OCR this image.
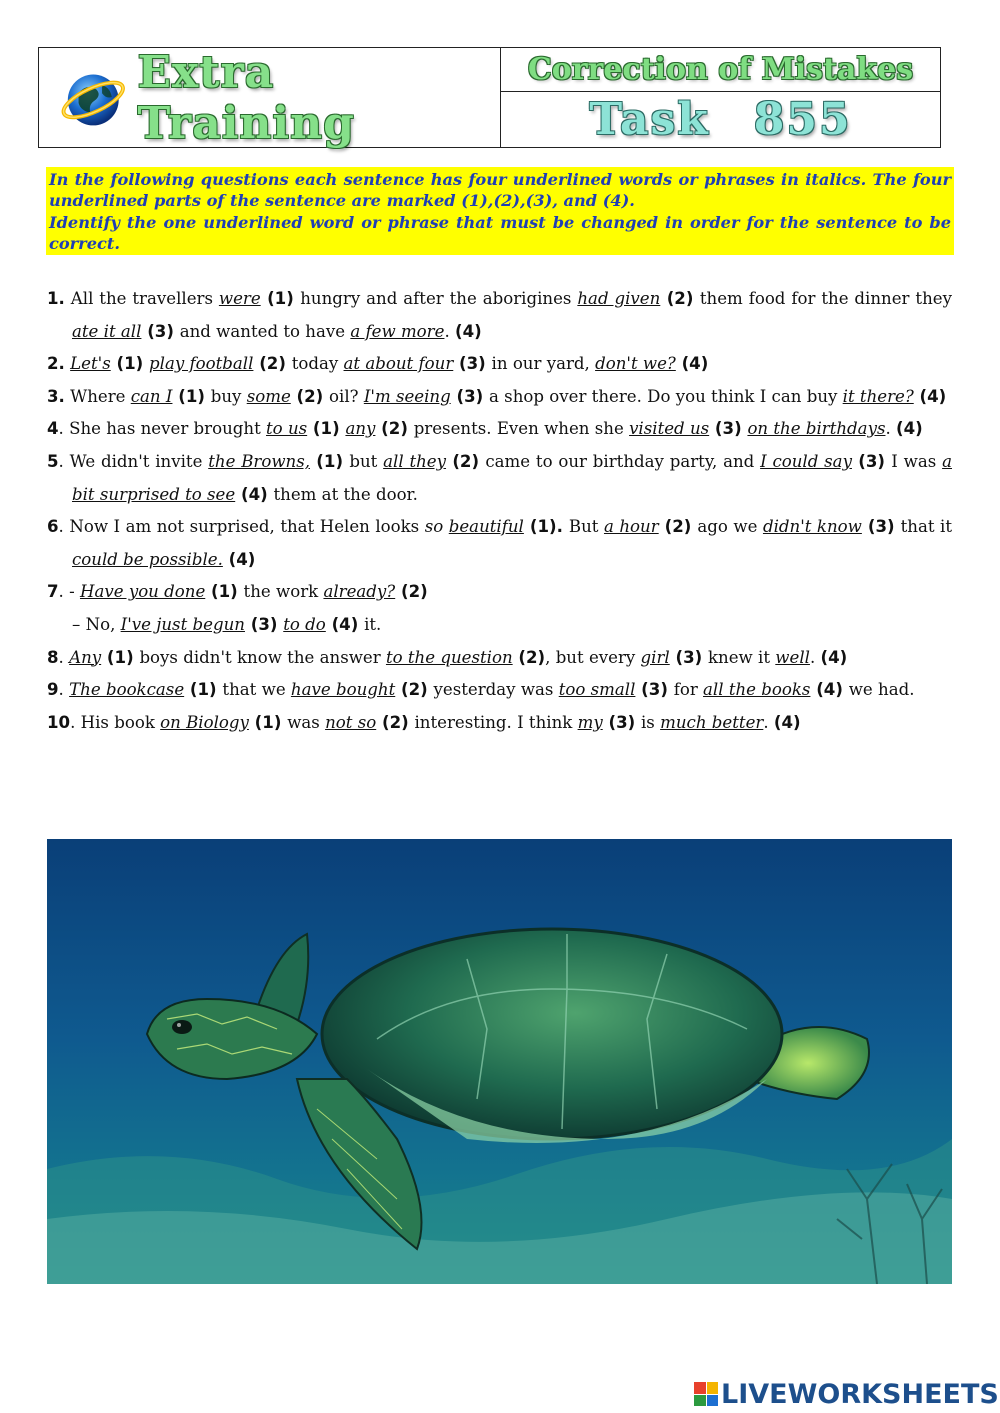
Extra Training
Correction of Mistakes
Task 855

In the following questions each sentence has four underlined words or phrases in italics. The four underlined parts of the sentence are marked (1),(2),(3), and (4).

Identify the one underlined word or phrase that must be changed in order for the sentence to be correct.

1. All the travellers were (1) hungry and after the aborigines had given (2) them food for the dinner they ate it all (3) and wanted to have a few more. (4)
2. Let's (1) play football (2) today at about four (3) in our yard, don't we? (4)
3. Where can I (1) buy some (2) oil? I'm seeing (3) a shop over there. Do you think I can buy it there? (4)
4. She has never brought to us (1) any (2) presents. Even when she visited us (3) on the birthdays. (4)
5. We didn't invite the Browns, (1) but all they (2) came to our birthday party, and I could say (3) I was a bit surprised to see (4) them at the door.
6. Now I am not surprised, that Helen looks so beautiful (1). But a hour (2) ago we didn't know (3) that it could be possible. (4)
7. - Have you done (1) the work already? (2)
– No, I've just begun (3) to do (4) it.
8. Any (1) boys didn't know the answer to the question (2), but every girl (3) knew it well. (4)
9. The bookcase (1) that we have bought (2) yesterday was too small (3) for all the books (4) we had.
10. His book on Biology (1) was not so (2) interesting. I think my (3) is much better. (4)
LIVEWORKSHEETS
